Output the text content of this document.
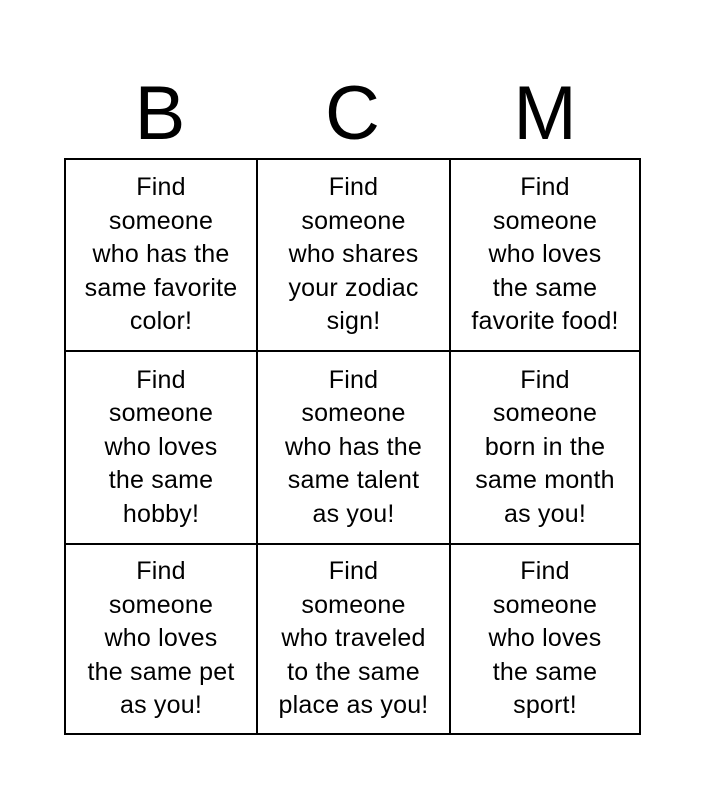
B	C	M
Find
someone
who has the
same favorite
color!
Find
someone
who shares
your zodiac
sign!
Find
someone
who loves
the same
favorite food!
Find
someone
who loves
the same
hobby!
Find
someone
who has the
same talent
as you!
Find
someone
born in the
same month
as you!
Find
someone
who loves
the same pet
as you!
Find
someone
who traveled
to the same
place as you!
Find
someone
who loves
the same
sport!
